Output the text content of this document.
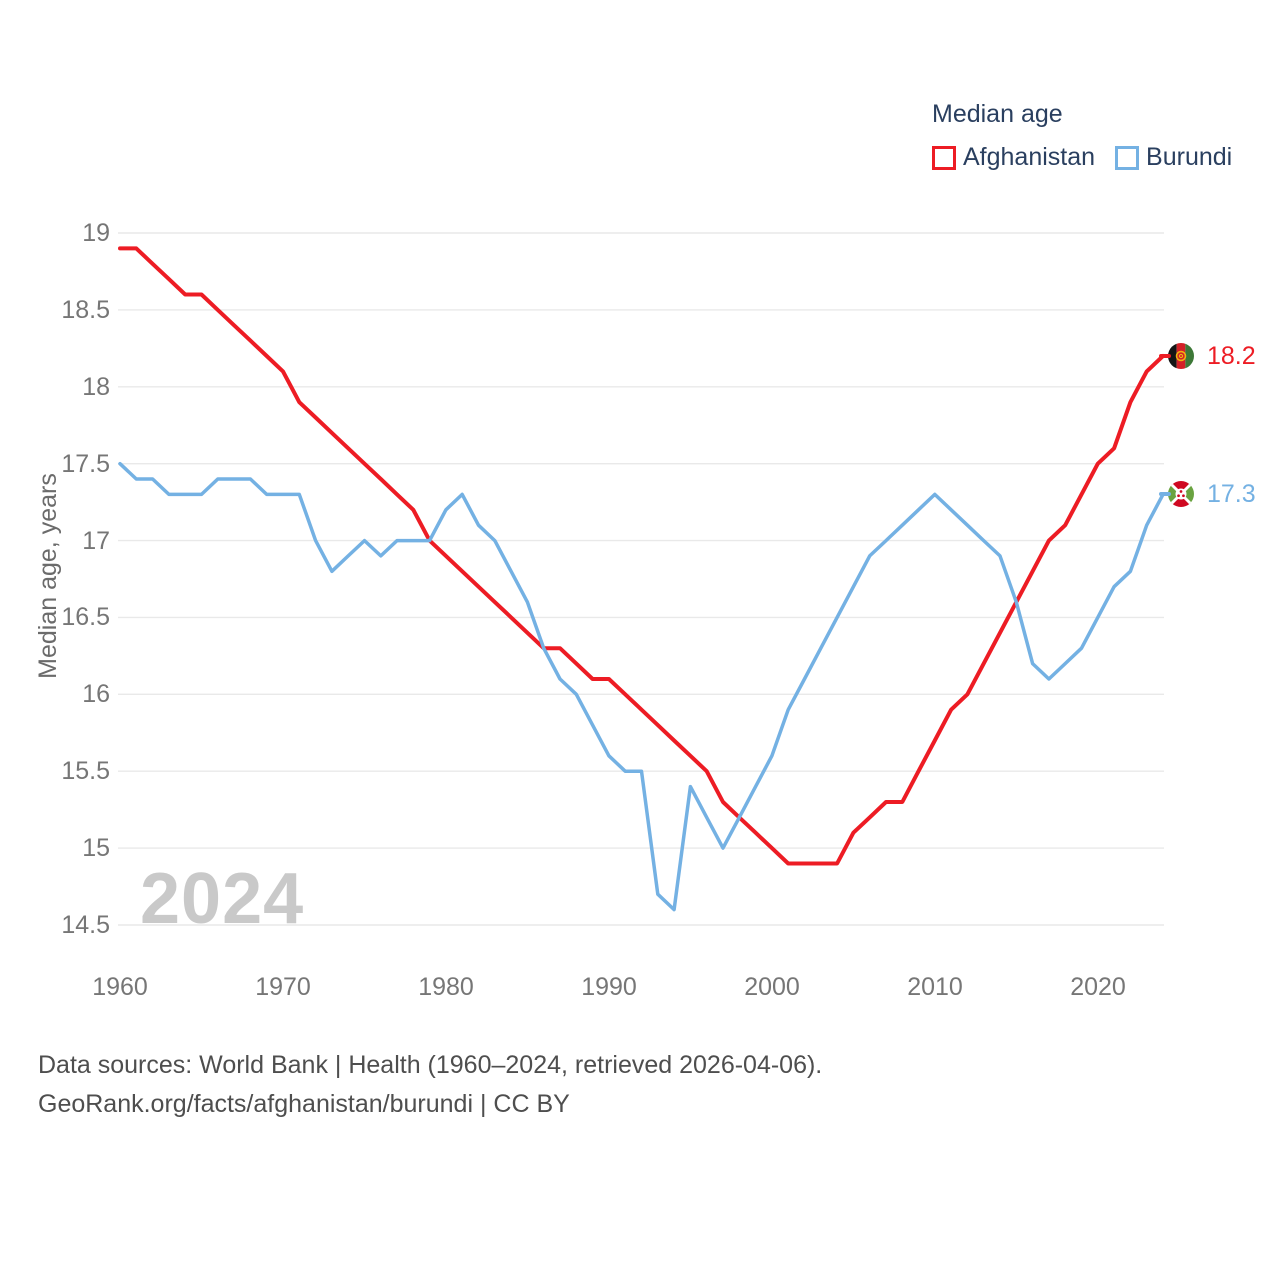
19
18.5
18
17.5
17
16.5
16
15.5
15
14.5
1960	1970	1980	1990	2000	2010	2020
Median age, years
2024
Median age
Afghanistan Burundi
18.2
17.3
Data sources: World Bank | Health (1960–2024, retrieved 2026-04-06).
GeoRank.org/facts/afghanistan/burundi | CC BY
